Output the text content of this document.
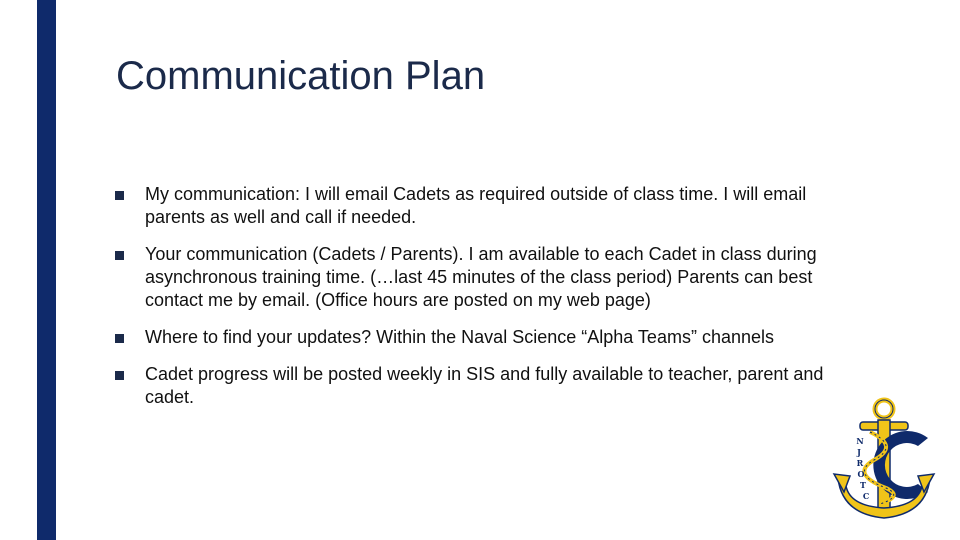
Communication Plan
My communication: I will email Cadets as required outside of class time. I will email parents as well and call if needed.
Your communication (Cadets / Parents). I am available to each Cadet in class during asynchronous training time. (…last 45 minutes of the class period) Parents can best contact me by email. (Office hours are posted on my web page)
Where to find your updates? Within the Naval Science “Alpha Teams” channels
Cadet progress will be posted weekly in SIS and fully available to teacher, parent and cadet.
N
J
R
O
T
C
